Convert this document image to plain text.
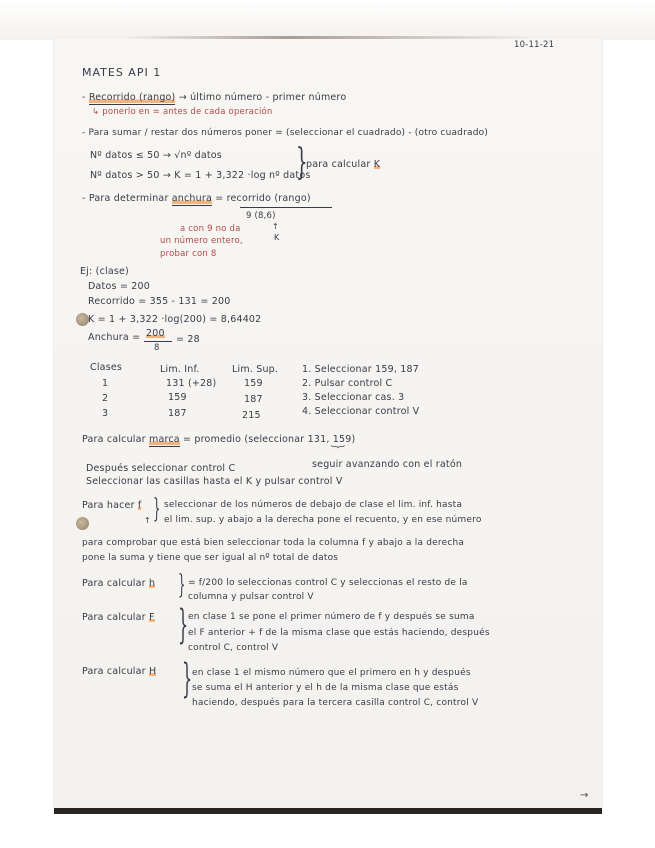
10-11-21
MATES API 1
- Recorrido (rango) → último número - primer número
↳ ponerlo en = antes de cada operación
- Para sumar / restar dos números poner = (seleccionar el cuadrado) - (otro cuadrado)
Nº datos ≤ 50 → √nº datos
Nº datos > 50 → K = 1 + 3,322 ·log nº datos
}
para calcular K
- Para determinar anchura = recorrido (rango)
9 (8,6)
↑
K
a con 9 no da
un número entero,
probar con 8
Ej: (clase)
Datos = 200
Recorrido = 355 - 131 = 200
K = 1 + 3,322 ·log(200) = 8,64402
Anchura = 200
8
= 28
Clases	Lim. Inf.	Lim. Sup.
1	131 (+28)	159
2	159	187
3	187	215
1. Seleccionar 159, 187
2. Pulsar control C
3. Seleccionar cas. 3
4. Seleccionar control V
Para calcular marca = promedio (seleccionar 131, 159)
}
Después seleccionar control C	seguir avanzando con el ratón
Seleccionar las casillas hasta el K y pulsar control V
Para hacer f
↑ } seleccionar de los números de debajo de clase el lim. inf. hasta
el lim. sup. y abajo a la derecha pone el recuento, y en ese número
para comprobar que está bien seleccionar toda la columna f y abajo a la derecha
pone la suma y tiene que ser igual al nº total de datos
Para calcular h } = f/200 lo seleccionas control C y seleccionas el resto de la
columna y pulsar control V
Para calcular F } en clase 1 se pone el primer número de f y después se suma
el F anterior + f de la misma clase que estás haciendo, después
control C, control V
Para calcular H } en clase 1 el mismo número que el primero en h y después
se suma el H anterior y el h de la misma clase que estás
haciendo, después para la tercera casilla control C, control V
→
